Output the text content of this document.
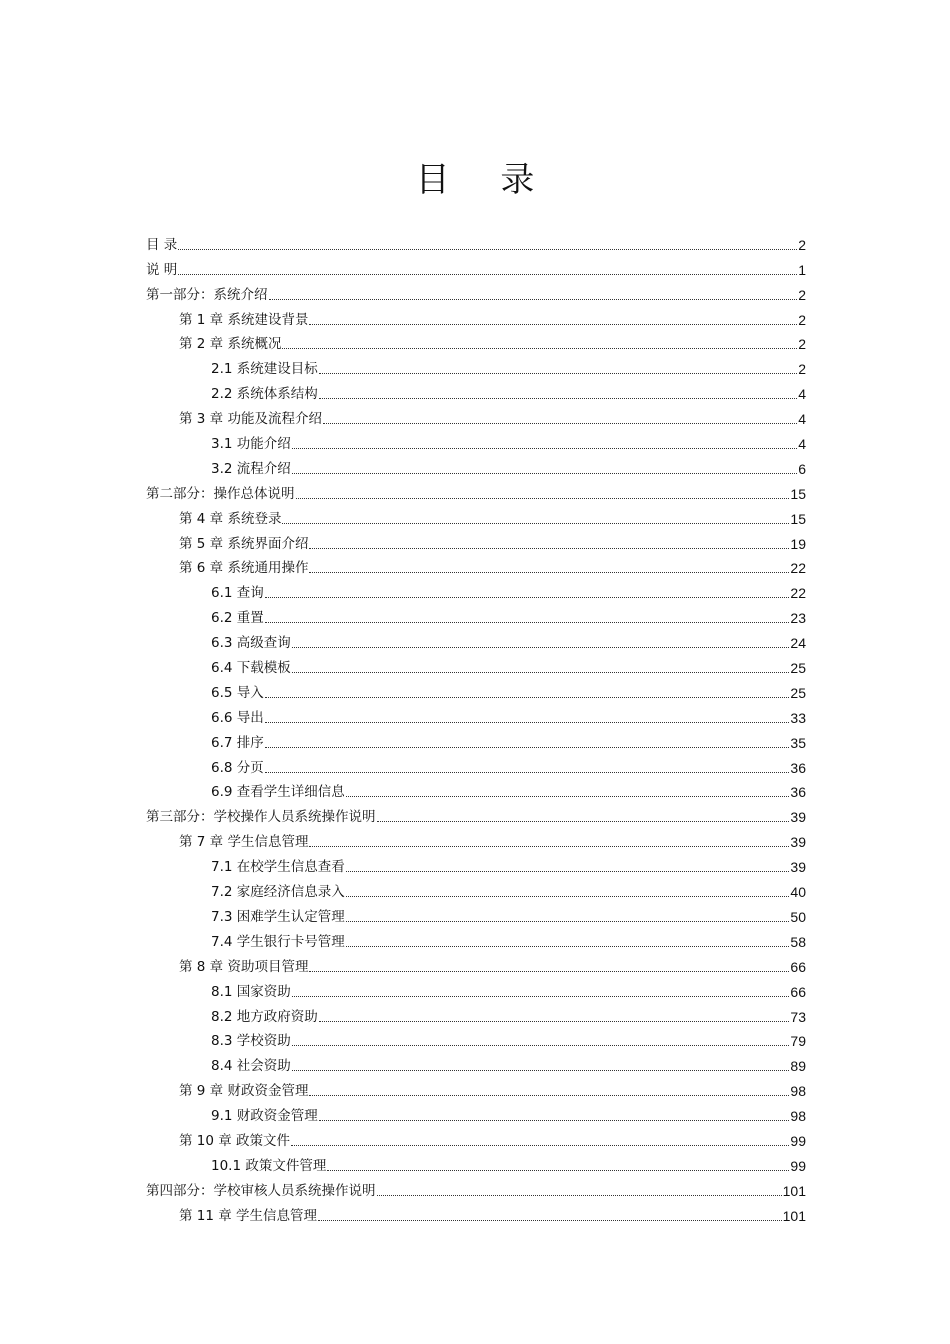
目 录
目 录	2
说 明	1
第一部分：系统介绍	2
第 1 章 系统建设背景	2
第 2 章 系统概况	2
2.1 系统建设目标	2
2.2 系统体系结构	4
第 3 章 功能及流程介绍	4
3.1 功能介绍	4
3.2 流程介绍	6
第二部分：操作总体说明	15
第 4 章 系统登录	15
第 5 章 系统界面介绍	19
第 6 章 系统通用操作	22
6.1 查询	22
6.2 重置	23
6.3 高级查询	24
6.4 下载模板	25
6.5 导入	25
6.6 导出	33
6.7 排序	35
6.8 分页	36
6.9 查看学生详细信息	36
第三部分：学校操作人员系统操作说明	39
第 7 章 学生信息管理	39
7.1 在校学生信息查看	39
7.2 家庭经济信息录入	40
7.3 困难学生认定管理	50
7.4 学生银行卡号管理	58
第 8 章 资助项目管理	66
8.1 国家资助	66
8.2 地方政府资助	73
8.3 学校资助	79
8.4 社会资助	89
第 9 章 财政资金管理	98
9.1 财政资金管理	98
第 10 章 政策文件	99
10.1 政策文件管理	99
第四部分：学校审核人员系统操作说明	101
第 11 章 学生信息管理	101
